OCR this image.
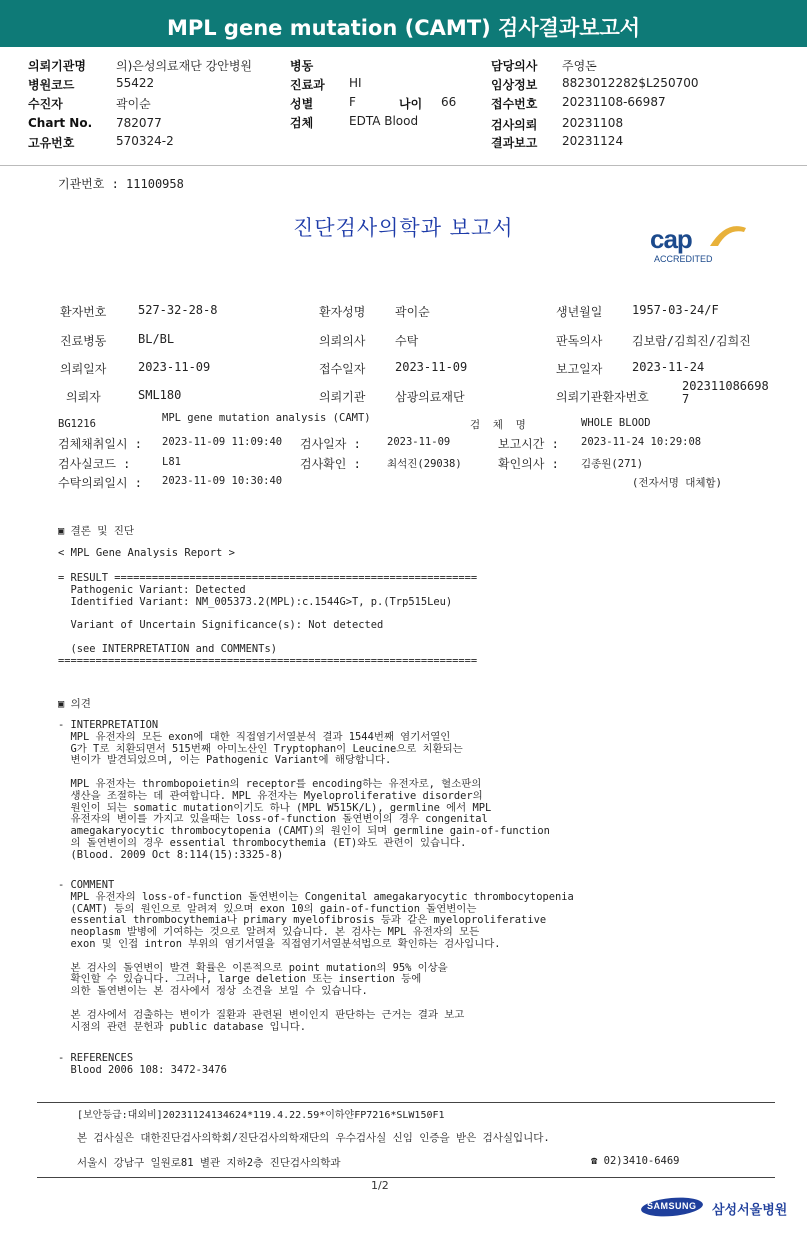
MPL gene mutation (CAMT) 검사결과보고서
의뢰기관명	의)은성의료재단 강안병원
병원코드	55422
수진자	곽이순
Chart No. 782077
고유번호	570324-2
병동
진료과 HI
성별	F	나이 66
검체	EDTA Blood
담당의사 주영돈
임상정보 8823012282$L250700
접수번호 20231108-66987
검사의뢰 20231108
결과보고 20231124
기관번호 : 11100958
진단검사의학과 보고서	cap
ACCREDITED
환자번호	527-32-28-8	환자성명 곽이순	생년월일 1957-03-24/F
진료병동	BL/BL	의뢰의사 수탁	판독의사 김보람/김희진/김희진
의뢰일자	2023-11-09	접수일자 2023-11-09	보고일자 2023-11-24
의뢰자	SML180	의뢰기관 삼광의료재단	의뢰기관환자번호
202311086698
7
BG1216	MPL gene mutation analysis (CAMT)
검  체  명	WHOLE BLOOD
검체채취일시 : 2023-11-09 11:09:40 검사일자 : 2023-11-09	보고시간 : 2023-11-24 10:29:08
검사실코드 :	L81	검사확인 : 최석진(29038)	확인의사 : 김종원(271)
수탁의뢰일시 : 2023-11-09 10:30:40	(전자서명 대체함)
▣ 결론 및 진단
< MPL Gene Analysis Report >
= RESULT ==========================================================
Pathogenic Variant: Detected
Identified Variant: NM_005373.2(MPL):c.1544G>T, p.(Trp515Leu)

Variant of Uncertain Significance(s): Not detected

(see INTERPRETATION and COMMENTs)
===================================================================
▣ 의견
- INTERPRETATION
MPL 유전자의 모든 exon에 대한 직접염기서열분석 결과 1544번째 염기서열인
G가 T로 치환되면서 515번째 아미노산인 Tryptophan이 Leucine으로 치환되는
변이가 발견되었으며, 이는 Pathogenic Variant에 해당합니다.

MPL 유전자는 thrombopoietin의 receptor를 encoding하는 유전자로, 혈소판의
생산을 조절하는 데 관여합니다. MPL 유전자는 Myeloproliferative disorder의
원인이 되는 somatic mutation이기도 하나 (MPL W515K/L), germline 에서 MPL
유전자의 변이를 가지고 있을때는 loss-of-function 돌연변이의 경우 congenital
amegakaryocytic thrombocytopenia (CAMT)의 원인이 되며 germline gain-of-function
의 돌연변이의 경우 essential thrombocythemia (ET)와도 관련이 있습니다.
(Blood. 2009 Oct 8:114(15):3325-8)
- COMMENT
MPL 유전자의 loss-of-function 돌연변이는 Congenital amegakaryocytic thrombocytopenia
(CAMT) 등의 원인으로 알려져 있으며 exon 10의 gain-of-function 돌연변이는
essential thrombocythemia나 primary myelofibrosis 등과 같은 myeloproliferative
neoplasm 발병에 기여하는 것으로 알려져 있습니다. 본 검사는 MPL 유전자의 모든
exon 및 인접 intron 부위의 염기서열을 직접염기서열분석법으로 확인하는 검사입니다.

본 검사의 돌연변이 발견 확률은 이론적으로 point mutation의 95% 이상을
확인할 수 있습니다. 그러나, large deletion 또는 insertion 등에
의한 돌연변이는 본 검사에서 정상 소견을 보일 수 있습니다.

본 검사에서 검출하는 변이가 질환과 관련된 변이인지 판단하는 근거는 결과 보고
시점의 관련 문헌과 public database 입니다.
- REFERENCES
Blood 2006 108: 3472-3476
[보안등급:대외비]20231124134624*119.4.22.59*이하얀FP7216*SLW150F1
본 검사실은 대한진단검사의학회/진단검사의학재단의 우수검사실 신임 인증을 받은 검사실입니다.
서울시 강남구 일원로81 별관 지하2층 진단검사의학과	☎ 02)3410-6469
1/2
SAMSUNG 삼성서울병원
